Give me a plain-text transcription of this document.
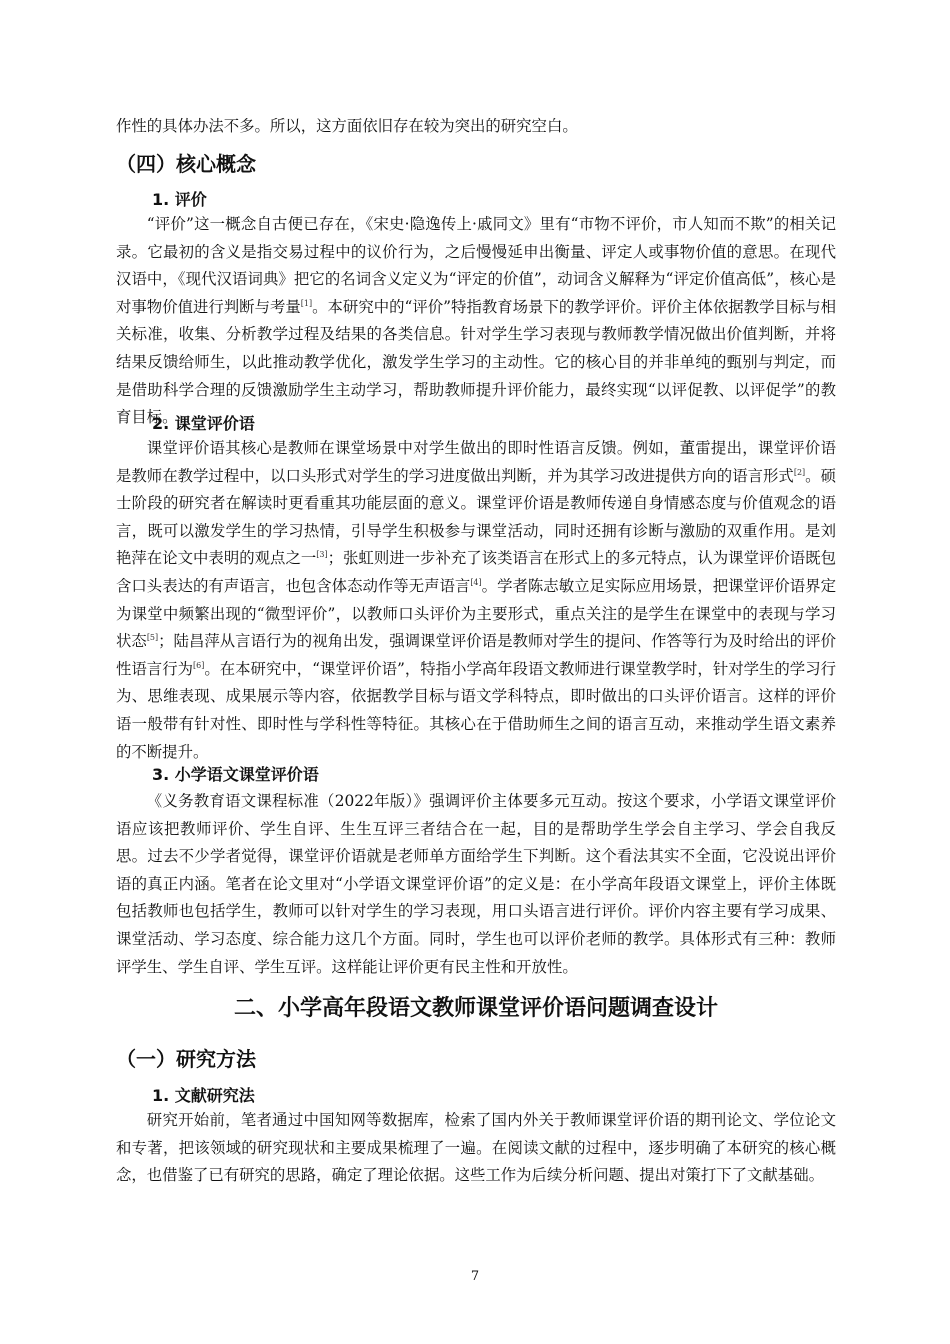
作性的具体办法不多。所以，这方面依旧存在较为突出的研究空白。

（四）核心概念
1. 评价

“评价”这一概念自古便已存在，《宋史·隐逸传上·戚同文》里有“市物不评价，市人知而不欺”的相关记录。它最初的含义是指交易过程中的议价行为，之后慢慢延申出衡量、评定人或事物价值的意思。在现代汉语中，《现代汉语词典》把它的名词含义定义为“评定的价值”，动词含义解释为“评定价值高低”，核心是对事物价值进行判断与考量[1]。本研究中的“评价”特指教育场景下的教学评价。评价主体依据教学目标与相关标准，收集、分析教学过程及结果的各类信息。针对学生学习表现与教师教学情况做出价值判断，并将结果反馈给师生，以此推动教学优化，激发学生学习的主动性。它的核心目的并非单纯的甄别与判定，而是借助科学合理的反馈激励学生主动学习，帮助教师提升评价能力，最终实现“以评促教、以评促学”的教育目标。

2. 课堂评价语

课堂评价语其核心是教师在课堂场景中对学生做出的即时性语言反馈。例如，董雷提出，课堂评价语是教师在教学过程中，以口头形式对学生的学习进度做出判断，并为其学习改进提供方向的语言形式[2]。硕士阶段的研究者在解读时更看重其功能层面的意义。课堂评价语是教师传递自身情感态度与价值观念的语言，既可以激发学生的学习热情，引导学生积极参与课堂活动，同时还拥有诊断与激励的双重作用。是刘艳萍在论文中表明的观点之一[3]；张虹则进一步补充了该类语言在形式上的多元特点，认为课堂评价语既包含口头表达的有声语言，也包含体态动作等无声语言[4]。学者陈志敏立足实际应用场景，把课堂评价语界定为课堂中频繁出现的“微型评价”，以教师口头评价为主要形式，重点关注的是学生在课堂中的表现与学习状态[5]；陆昌萍从言语行为的视角出发，强调课堂评价语是教师对学生的提问、作答等行为及时给出的评价性语言行为[6]。在本研究中，“课堂评价语”，特指小学高年段语文教师进行课堂教学时，针对学生的学习行为、思维表现、成果展示等内容，依据教学目标与语文学科特点，即时做出的口头评价语言。这样的评价语一般带有针对性、即时性与学科性等特征。其核心在于借助师生之间的语言互动，来推动学生语文素养的不断提升。

3. 小学语文课堂评价语

《义务教育语文课程标准（2022年版）》强调评价主体要多元互动。按这个要求，小学语文课堂评价语应该把教师评价、学生自评、生生互评三者结合在一起，目的是帮助学生学会自主学习、学会自我反思。过去不少学者觉得，课堂评价语就是老师单方面给学生下判断。这个看法其实不全面，它没说出评价语的真正内涵。笔者在论文里对“小学语文课堂评价语”的定义是：在小学高年段语文课堂上，评价主体既包括教师也包括学生，教师可以针对学生的学习表现，用口头语言进行评价。评价内容主要有学习成果、课堂活动、学习态度、综合能力这几个方面。同时，学生也可以评价老师的教学。具体形式有三种：教师评学生、学生自评、学生互评。这样能让评价更有民主性和开放性。

二、小学高年段语文教师课堂评价语问题调查设计
（一）研究方法
1. 文献研究法

研究开始前，笔者通过中国知网等数据库，检索了国内外关于教师课堂评价语的期刊论文、学位论文和专著，把该领域的研究现状和主要成果梳理了一遍。在阅读文献的过程中，逐步明确了本研究的核心概念，也借鉴了已有研究的思路，确定了理论依据。这些工作为后续分析问题、提出对策打下了文献基础。

7
